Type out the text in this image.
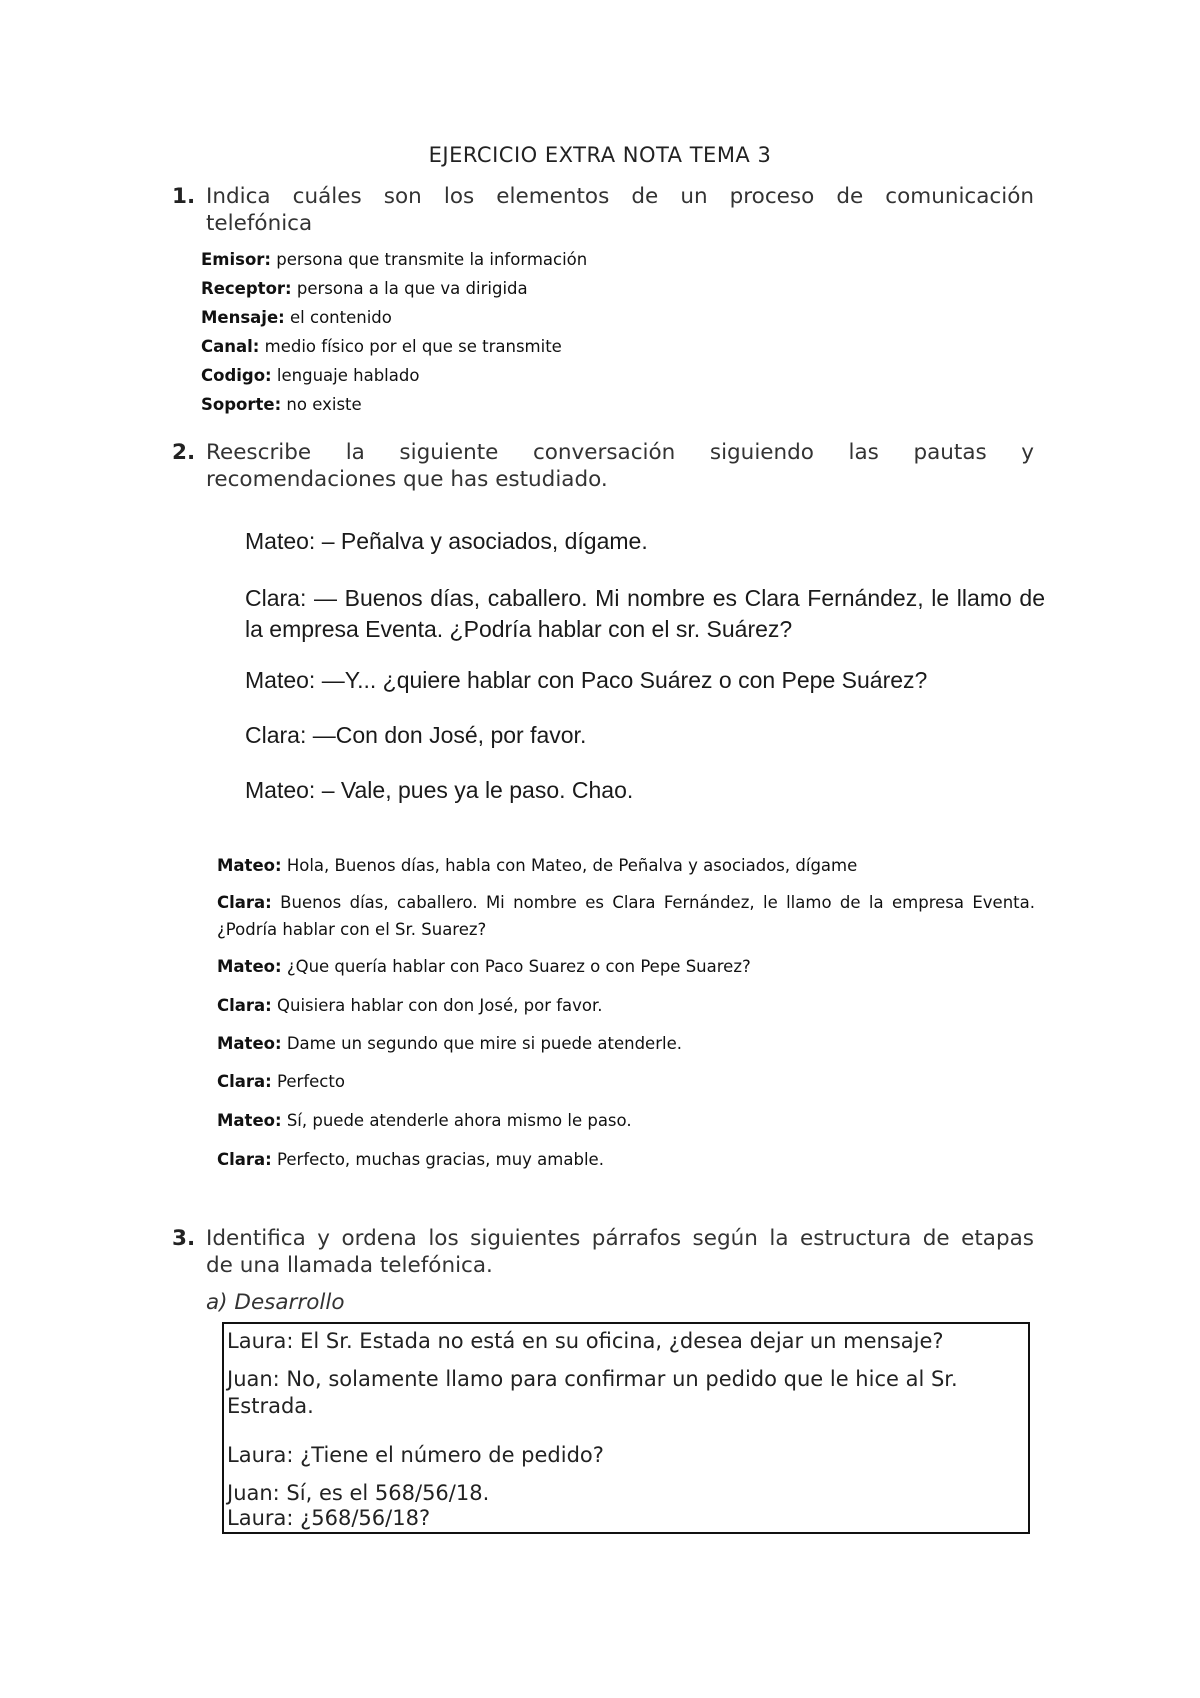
EJERCICIO EXTRA NOTA TEMA 3
1. Indica cuáles son los elementos de un proceso de comunicación
telefónica
Emisor: persona que transmite la información
Receptor: persona a la que va dirigida
Mensaje: el contenido
Canal: medio físico por el que se transmite
Codigo: lenguaje hablado
Soporte: no existe
2. Reescribe la siguiente conversación siguiendo las pautas y
recomendaciones que has estudiado.
Mateo: – Peñalva y asociados, dígame.
Clara: — Buenos días, caballero. Mi nombre es Clara Fernández, le llamo de la empresa Eventa. ¿Podría hablar con el sr. Suárez?
Mateo: —Y... ¿quiere hablar con Paco Suárez o con Pepe Suárez?
Clara: —Con don José, por favor.
Mateo: – Vale, pues ya le paso. Chao.
Mateo: Hola, Buenos días, habla con Mateo, de Peñalva y asociados, dígame
Clara: Buenos días, caballero. Mi nombre es Clara Fernández, le llamo de la empresa Eventa. ¿Podría hablar con el Sr. Suarez?
Mateo: ¿Que quería hablar con Paco Suarez o con Pepe Suarez?
Clara: Quisiera hablar con don José, por favor.
Mateo: Dame un segundo que mire si puede atenderle.
Clara: Perfecto
Mateo: Sí, puede atenderle ahora mismo le paso.
Clara: Perfecto, muchas gracias, muy amable.
3. Identifica y ordena los siguientes párrafos según la estructura de etapas
de una llamada telefónica.
a) Desarrollo
Laura: El Sr. Estada no está en su oficina, ¿desea dejar un mensaje?
Juan: No, solamente llamo para confirmar un pedido que le hice al Sr. Estrada.
Laura: ¿Tiene el número de pedido?
Juan: Sí, es el 568/56/18.
Laura: ¿568/56/18?
